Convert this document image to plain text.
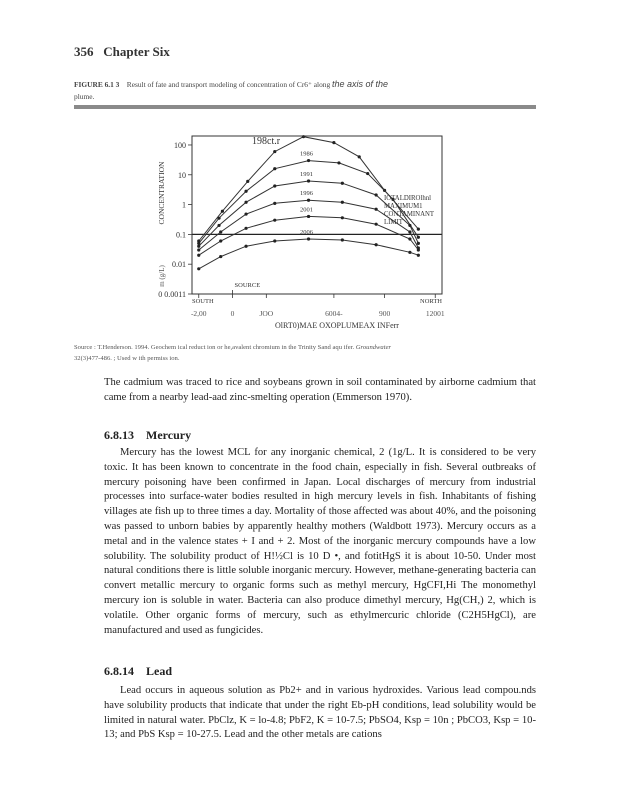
356 Chapter Six
FIGURE 6.1 3 Result of fate and transport modeling of concentration of Cr6⁺ along the axis of the
plume.
100
10
1
0.1
0.01
0 0.0011
-2,00	0	JOO	6004-	900	12001
1986
1991
1996
2001
2006
198ct.r
IOTALDIROlhnl
MAXIMUM1
CONTAMINANT
LIMIT
SOUTH	NORTH
SOURCE
CONCENTRATION
m (g/L)
OlRT0)MAE OXOPLUMEAX INFerr
Source : T.Henderson. 1994. Geochem ical reduct ion or he,avalent chromium in the Trinity Sand aqu ifer. Groundwater
32(3)477-486. ; Used w ith permiss ion.
The cadmium was traced to rice and soybeans grown in soil contaminated by airborne cadmium that came from a nearby lead-aad zinc-smelting operation (Emmerson 1970).
6.8.13 Mercury
Mercury has the lowest MCL for any inorganic chemical, 2 (1g/L. It is considered to be very toxic. It has been known to concentrate in the food chain, especially in fish. Several outbreaks of mercury poisoning have been confirmed in Japan. Local discharges of mercury from industrial processes into surface-water bodies resulted in high mercury levels in fish. Inhabitants of fishing villages ate fish up to three times a day. Mortality of those affected was about 40%, and the poisoning was passed to unborn babies by apparently healthy mothers (Waldbott 1973). Mercury occurs as a metal and in the valence states + I and + 2. Most of the inorganic mercury compounds have a low solubility. The solubility product of H!½Cl is 10 D •, and fotitHgS it is about 10-50. Under most natural conditions there is little soluble inorganic mercury. However, methane-generating bacteria can convert metallic mercury to organic forms such as methyl mercury, HgCFI,Hi The monomethyl mercury ion is soluble in water. Bacteria can also produce dimethyl mercury, Hg(CH,) 2, which is volatile. Other organic forms of mercury, such as ethylmercuric chloride (C2H5HgCl), are manufactured and used as fungicides.
6.8.14 Lead
Lead occurs in aqueous solution as Pb2+ and in various hydroxides. Various lead compou.nds have solubility products that indicate that under the right Eb-pH conditions, lead solubility would be limited in natural water. PbClz, K = lo-4.8; PbF2, K = 10-7.5; PbSO4, Ksp = 10n ; PbCO3, Ksp = 10-13; and PbS Ksp = 10-27.5. Lead and the other metals are cations
